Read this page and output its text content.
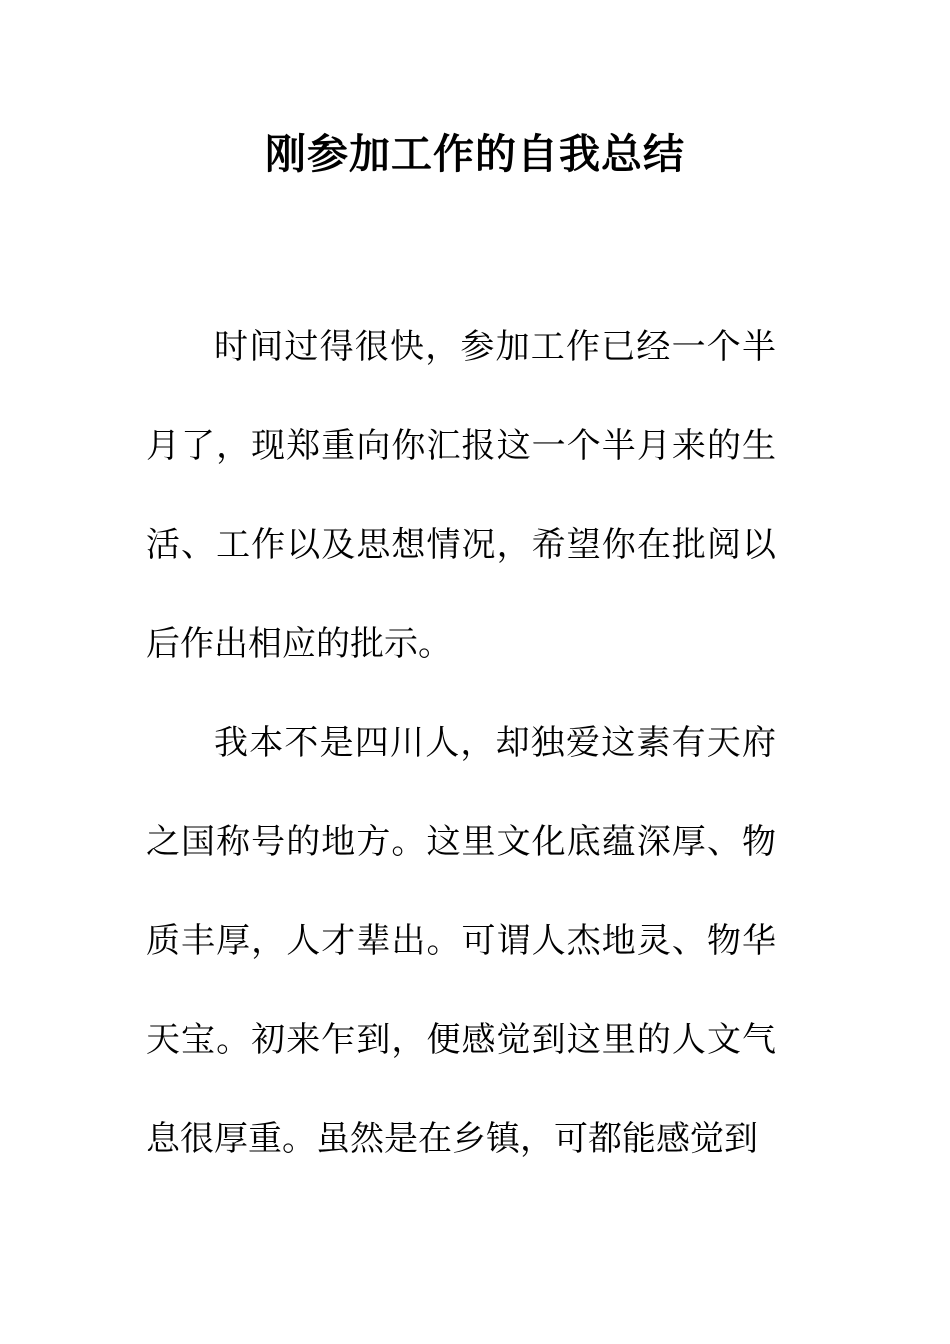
刚参加工作的自我总结

时间过得很快，参加工作已经一个半月了，现郑重向你汇报这一个半月来的生活、工作以及思想情况，希望你在批阅以后作出相应的批示。

我本不是四川人，却独爱这素有天府之国称号的地方。这里文化底蕴深厚、物质丰厚，人才辈出。可谓人杰地灵、物华天宝。初来乍到，便感觉到这里的人文气息很厚重。虽然是在乡镇，可都能感觉到
